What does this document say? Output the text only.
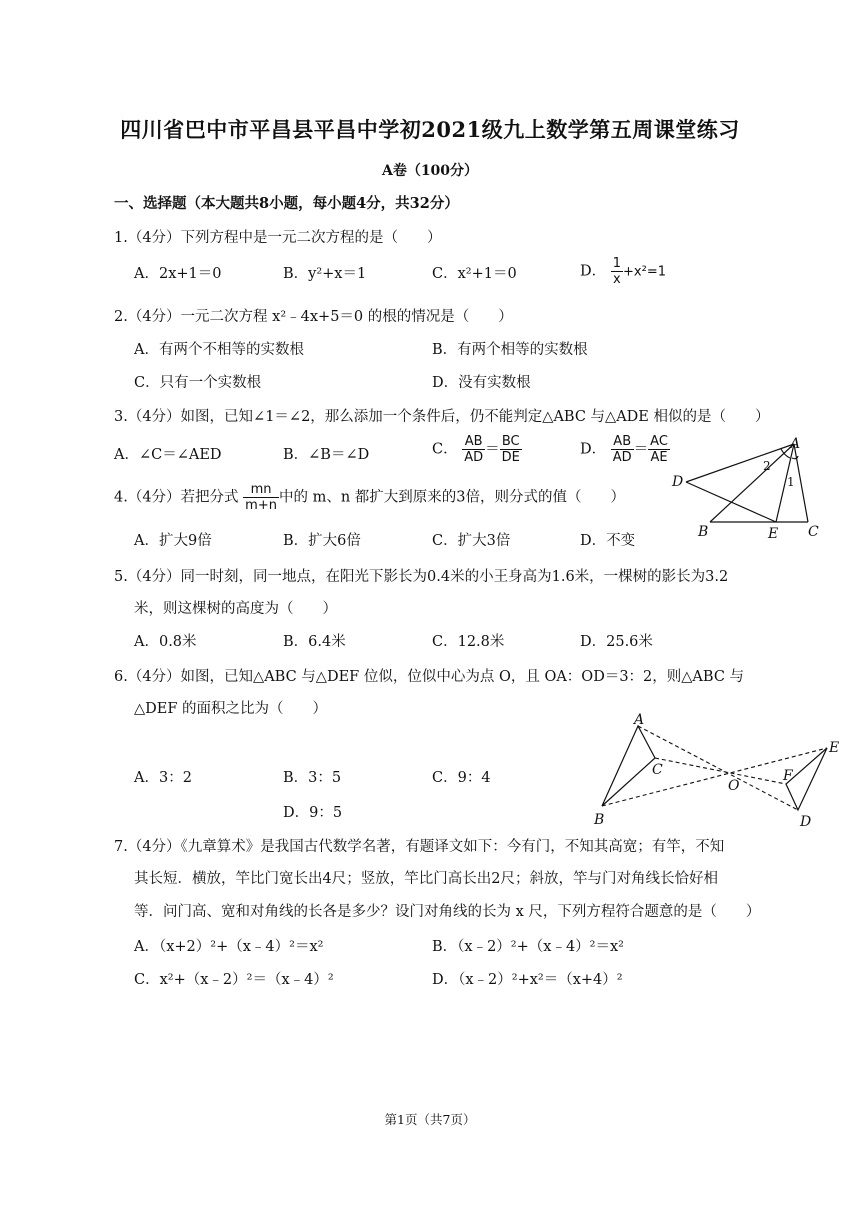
四川省巴中市平昌县平昌中学初2021级九上数学第五周课堂练习
A卷（100分）
一、选择题（本大题共8小题，每小题4分，共32分）
1.（4分）下列方程中是一元二次方程的是（　　）
A．2x+1＝0	B．y²+x＝1	C．x²+1＝0	D． $\frac{1}{x} +x^2=1$
2.（4分）一元二次方程 x²﹣4x+5＝0 的根的情况是（　　）
A．有两个不相等的实数根	B．有两个相等的实数根
C．只有一个实数根	D．没有实数根
3.（4分）如图，已知∠1＝∠2，那么添加一个条件后，仍不能判定△ABC 与△ADE 相似的是（　　）
A．∠C＝∠AED	B．∠B＝∠D	C． $\frac{AB}{AD} = \frac{BC}{DE}$	D． $\frac{AB}{AD} = \frac{AC}{AE}$	A
D
B	E C
1
2
4.（4分）若把分式 $\frac{mn}{m+n}$ 中的 m、n 都扩大到原来的3倍，则分式的值（　　）
A．扩大9倍	B．扩大6倍	C．扩大3倍	D．不变
5.（4分）同一时刻，同一地点，在阳光下影长为0.4米的小王身高为1.6米，一棵树的影长为3.2
米，则这棵树的高度为（　　）
A．0.8米	B．6.4米	C．12.8米	D．25.6米
6.（4分）如图，已知△ABC 与△DEF 位似，位似中心为点 O，且 OA：OD＝3：2，则△ABC 与
△DEF 的面积之比为（　　）
A．3：2	B．3：5	C．9：4
D．9：5
A
B
C
D
E
F
O
7.（4分）《九章算术》是我国古代数学名著，有题译文如下：今有门，不知其高宽；有竿，不知
其长短．横放，竿比门宽长出4尺；竖放，竿比门高长出2尺；斜放，竿与门对角线长恰好相
等．问门高、宽和对角线的长各是多少？设门对角线的长为 x 尺，下列方程符合题意的是（　　）
A．（x+2）²+（x﹣4）²＝x²	B．（x﹣2）²+（x﹣4）²＝x²
C．x²+（x﹣2）²＝（x﹣4）²	D．（x﹣2）²+x²＝（x+4）²
第1页（共7页）
